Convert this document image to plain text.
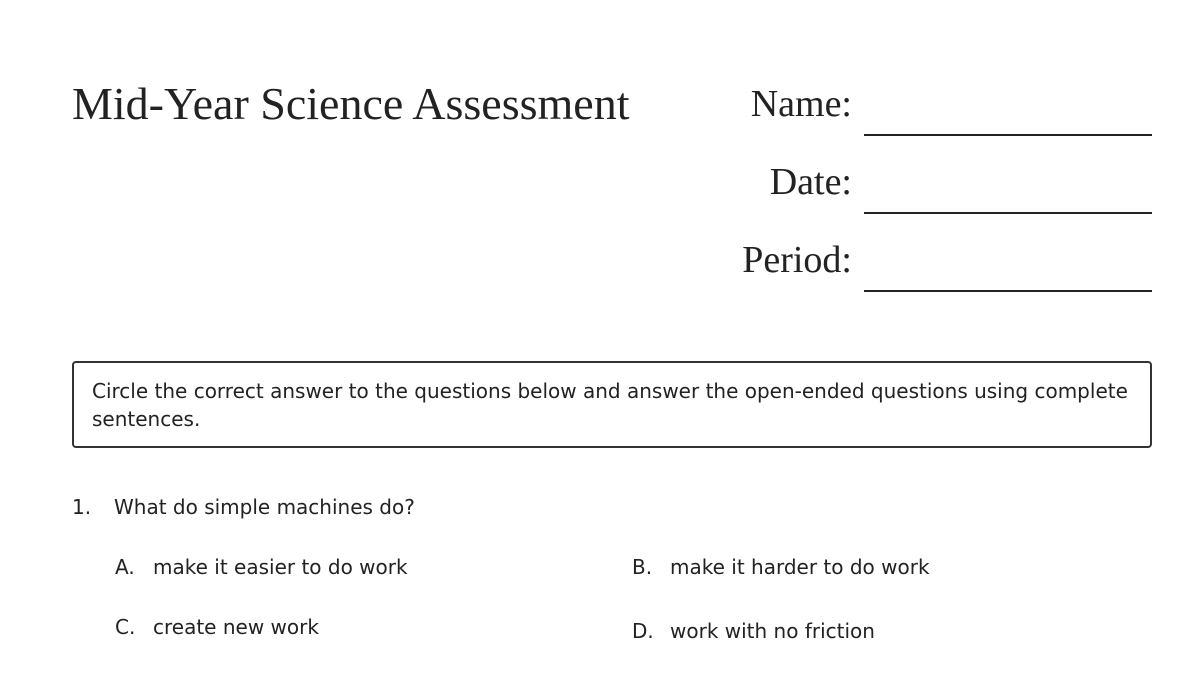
Mid-Year Science Assessment	Name:
Date:
Period:
Circle the correct answer to the questions below and answer the open-ended questions using complete sentences.
1. What do simple machines do?
A. make it easier to do work	B. make it harder to do work
C. create new work	D. work with no friction
